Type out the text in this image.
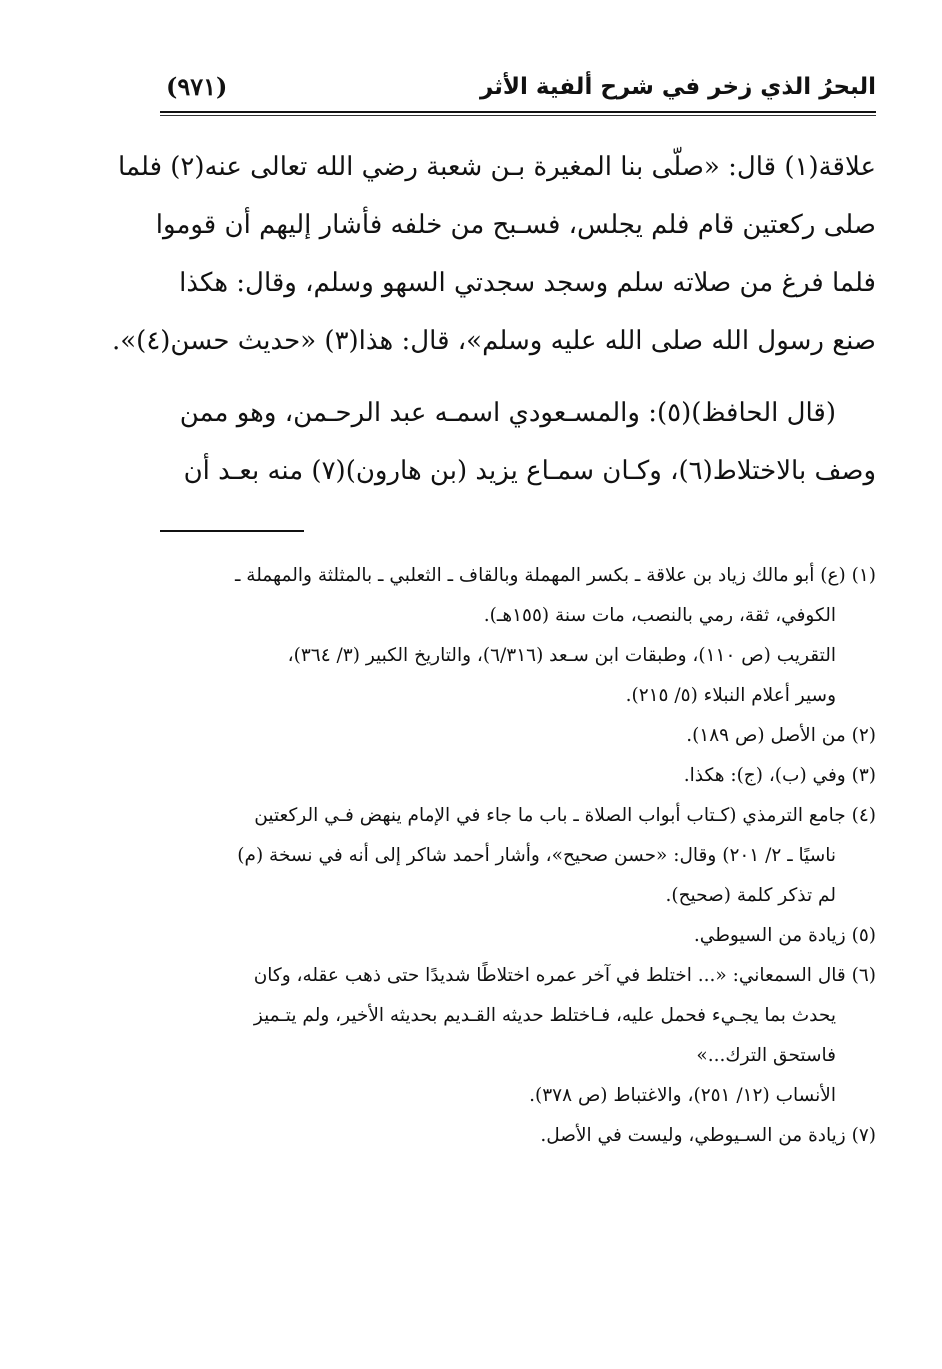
البحرُ الذي زخر في شرح ألفية الأثر
(٩٧١)
علاقة(١) قال: «صلّى بنا المغيرة بـن شعبة رضي الله تعالى عنه(٢) فلما
صلى ركعتين قام فلم يجلس، فسـبح من خلفه فأشار إليهم أن قوموا
فلما فرغ من صلاته سلم وسجد سجدتي السهو وسلم، وقال: هكذا
صنع رسول الله صلى الله عليه وسلم»، قال: هذا(٣) «حديث حسن(٤)».
(قال الحافظ)(٥): والمسـعودي اسمـه عبد الرحـمن، وهو ممن
وصف بالاختلاط(٦)، وكـان سمـاع يزيد (بن هارون)(٧) منه بعـد أن
(١) (ع) أبو مالك زياد بن علاقة ـ بكسر المهملة وبالقاف ـ الثعلبي ـ بالمثلثة والمهملة ـ
الكوفي، ثقة، رمي بالنصب، مات سنة (١٥٥هـ).
التقريب (ص ١١٠)، وطبقات ابن سـعد (٦/٣١٦)، والتاريخ الكبير (٣/ ٣٦٤)،
وسير أعلام النبلاء (٥/ ٢١٥).
(٢) من الأصل (ص ١٨٩).
(٣) وفي (ب)، (ج): هكذا.
(٤) جامع الترمذي (كـتاب أبواب الصلاة ـ باب ما جاء في الإمام ينهض فـي الركعتين
ناسيًا ـ ٢/ ٢٠١) وقال: «حسن صحيح»، وأشار أحمد شاكر إلى أنه في نسخة (م)
لم تذكر كلمة (صحيح).
(٥) زيادة من السيوطي.
(٦) قال السمعاني: «... اختلط في آخر عمره اختلاطًا شديدًا حتى ذهب عقله، وكان
يحدث بما يجـيء فحمل عليه، فـاختلط حديثه القـديم بحديثه الأخير، ولم يتـميز
فاستحق الترك...»
الأنساب (١٢/ ٢٥١)، والاغتباط (ص ٣٧٨).
(٧) زيادة من السـيوطي، وليست في الأصل.
